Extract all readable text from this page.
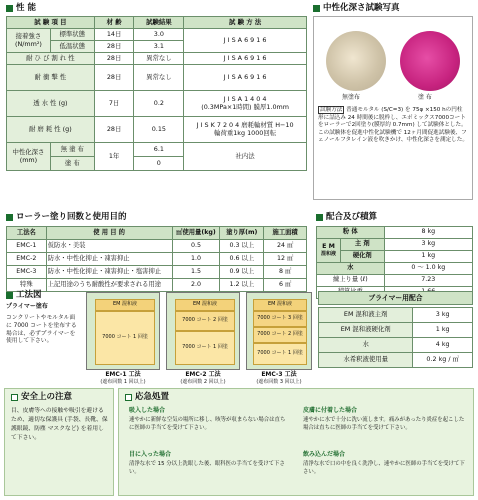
性 能
試 験 項 目		材 齢	試験結果	試 験 方 法
接着強さ
(N/mm²)	標準状態	14日	3.0	J I S A 6 9 1 6
	低温状態	28日	3.1	
耐 ひ び 割 れ 性		28日	異常なし	J I S A 6 9 1 6
耐 衝 撃 性		28日	異常なし	J I S A 6 9 1 6
透 水 性 (g)		7日	0.2	J I S A 1 4 0 4
(0.3MPa×1時間) 膜厚1.0mm
耐 磨 耗 性 (g)		28日	0.15	J I S K 7 2 0 4 磨耗輪材質 H−10
輪荷重1kg 1000回転
中性化深さ
(mm)	無 塗 布	1年	6.1	社内法
	塗 布		0	
中性化深さ試験写真
無塗布	塗 布
試験方法 普通モルタル (S/C=3) を 75φ ×150 hの円柱形に詰込み 24 時間後に脱枠し、エポミックス7000コートをローラーで2回塗り(膜厚約 0.7mm) して試験体とした。この試験体を促進中性化試験機で 12ヶ月間促進試験後、フェノールフタレイン液を吹きかけ、中性化深さを測定した。
ローラー塗り回数と使用目的
工法名	使 用 目 的	㎡使用量(kg)	塗り厚(m)	施工面積
EMC-1	仮防水・美装	0.5	0.3 以上	24 ㎡
EMC-2	防水・中性化抑止・凍害抑止	1.0	0.6 以上	12 ㎡
EMC-3	防水・中性化抑止・凍害抑止・塩害抑止	1.5	0.9 以上	8 ㎡
特殊	上記用途のうち耐酸性が要求される用途	2.0	1.2 以上	6 ㎡
配合及び積算
粉 体		8 kg
E M
混和液	主 剤	3 kg
	硬化剤	1 kg
水		0 〜 1.0 kg
練上り量 (ℓ)		7.23

工法図
プライマー塗布
コンクリートやモルタル面に 7000 コートを塗布する場合は、必ずプライマーを使用して下さい。
EM 混和液
7000 コート 1 回塗
EMC-1 工法
(遮布回数 1 回以上)
EM 混和液
7000 コート 2 回塗
7000 コート 1 回塗
EMC-2 工法
(遮布回数 2 回以上)
EM 混和液
7000 コート 3 回塗
7000 コート 2 回塗
7000 コート 1 回塗
EMC-3 工法
(遮布回数 3 回以上)
プライマー用配合
EM 混和液主剤	3 kg
EM 混和液硬化剤	1 kg
水	4 kg
水希釈液使用量	0.2 kg / ㎡
安全上の注意
目、皮膚等への接触や吸引を避けるため、適切な保護具 (手袋、長靴、保護眼鏡、防塵 マスクなど) を着用して下さい。
応急処置
吸入した場合
速やかに新鮮な空気の場所に移し、咳等が収まらない場合は直ちに医師の手当てを受けて下さい。
皮膚に付着した場合
速やかに水で十分に洗い流します。痛みがあったり炎症を起こした場合は直ちに医師の手当てを受けて下さい。
目に入った場合
清浄な水で 15 分以上洗眼した後、眼科医の手当てを受けて下さい。
飲み込んだ場合
清浄な水で口の中を良く洗浄し、速やかに医師の手当てを受けて下さい。
